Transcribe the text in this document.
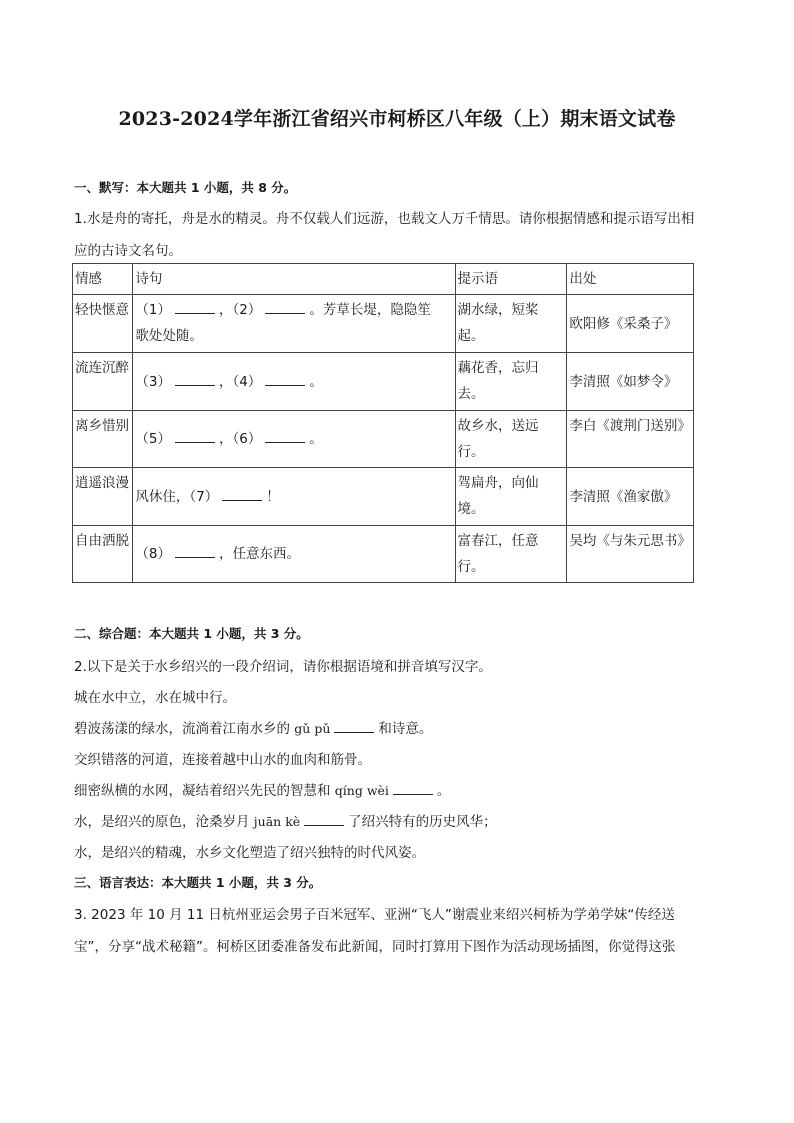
2023-2024学年浙江省绍兴市柯桥区八年级（上）期末语文试卷
一、默写：本大题共 1 小题，共 8 分。
1.水是舟的寄托，舟是水的精灵。舟不仅载人们远游，也载文人万千情思。请你根据情感和提示语写出相
应的古诗文名句。
情感	诗句	提示语	出处
轻快惬意	（1） ，（2） 。芳草长堤，隐隐笙
歌处处随。	湖水绿，短桨起。	欧阳修《采桑子》
流连沉醉	（3） ，（4） 。	藕花香，忘归去。	李清照《如梦令》
离乡惜别	（5） ，（6） 。	故乡水，送远行。	李白《渡荆门送别》
逍遥浪漫	风休住，（7） ！	驾扁舟，向仙境。	李清照《渔家傲》
自由洒脱	（8） ，任意东西。	富春江，任意行。	吴均《与朱元思书》
二、综合题：本大题共 1 小题，共 3 分。
2.以下是关于水乡绍兴的一段介绍词，请你根据语境和拼音填写汉字。
城在水中立，水在城中行。
碧波荡漾的绿水，流淌着江南水乡的 gǔ pǔ	和诗意。
交织错落的河道，连接着越中山水的血肉和筋骨。
细密纵横的水网，凝结着绍兴先民的智慧和 qíng wèi	。
水，是绍兴的原色，沧桑岁月 juān kè	了绍兴特有的历史风华；
水，是绍兴的精魂，水乡文化塑造了绍兴独特的时代风姿。
三、语言表达：本大题共 1 小题，共 3 分。
3. 2023 年 10 月 11 日杭州亚运会男子百米冠军、亚洲“飞人”谢震业来绍兴柯桥为学弟学妹“传经送
宝”，分享“战术秘籍”。柯桥区团委准备发布此新闻，同时打算用下图作为活动现场插图，你觉得这张
